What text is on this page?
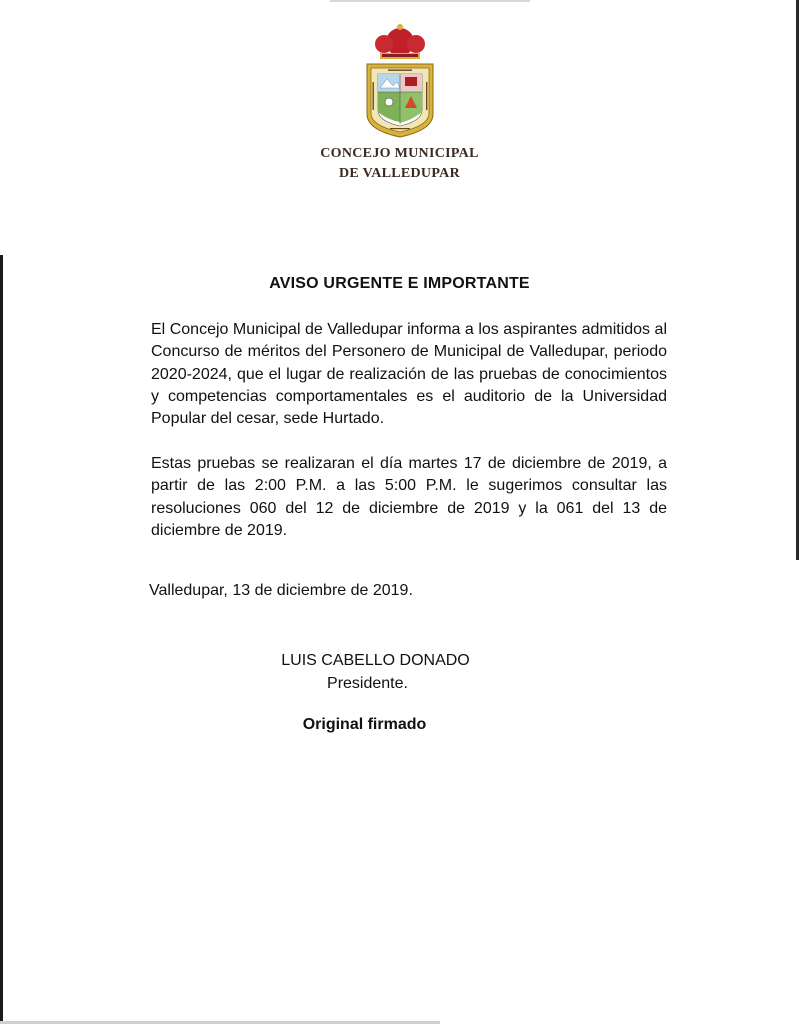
CONCEJO MUNICIPAL
DE VALLEDUPAR
AVISO URGENTE E IMPORTANTE
El Concejo Municipal de Valledupar informa a los aspirantes admitidos al Concurso de méritos del Personero de Municipal de Valledupar, periodo 2020-2024, que el lugar de realización de las pruebas de conocimientos y competencias comportamentales es el auditorio de la Universidad Popular del cesar, sede Hurtado.
Estas pruebas se realizaran el día martes 17 de diciembre de 2019, a partir de las 2:00 P.M. a las 5:00 P.M. le sugerimos consultar las resoluciones 060 del 12 de diciembre de 2019 y la 061 del 13 de diciembre de 2019.
Valledupar, 13 de diciembre de 2019.
LUIS CABELLO DONADO
Presidente.
Original firmado
